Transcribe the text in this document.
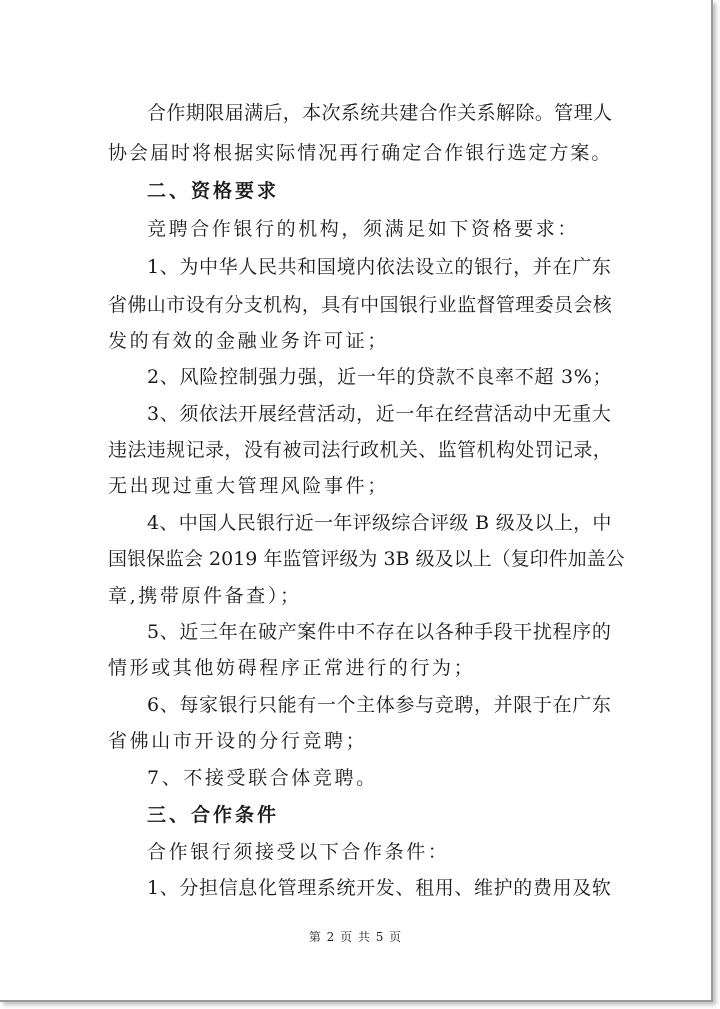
合作期限届满后，本次系统共建合作关系解除。管理人
协会届时将根据实际情况再行确定合作银行选定方案。
二、资格要求
竞聘合作银行的机构，须满足如下资格要求：
1、为中华人民共和国境内依法设立的银行，并在广东
省佛山市设有分支机构，具有中国银行业监督管理委员会核
发的有效的金融业务许可证；
2、风险控制强力强，近一年的贷款不良率不超 3%；
3、须依法开展经营活动，近一年在经营活动中无重大
违法违规记录，没有被司法行政机关、监管机构处罚记录，
无出现过重大管理风险事件；
4、中国人民银行近一年评级综合评级 B 级及以上，中
国银保监会 2019 年监管评级为 3B 级及以上（复印件加盖公
章,携带原件备查）；
5、近三年在破产案件中不存在以各种手段干扰程序的
情形或其他妨碍程序正常进行的行为；
6、每家银行只能有一个主体参与竞聘，并限于在广东
省佛山市开设的分行竞聘；
7、不接受联合体竞聘。
三、合作条件
合作银行须接受以下合作条件：
1、分担信息化管理系统开发、租用、维护的费用及软
第 2 页 共 5 页
